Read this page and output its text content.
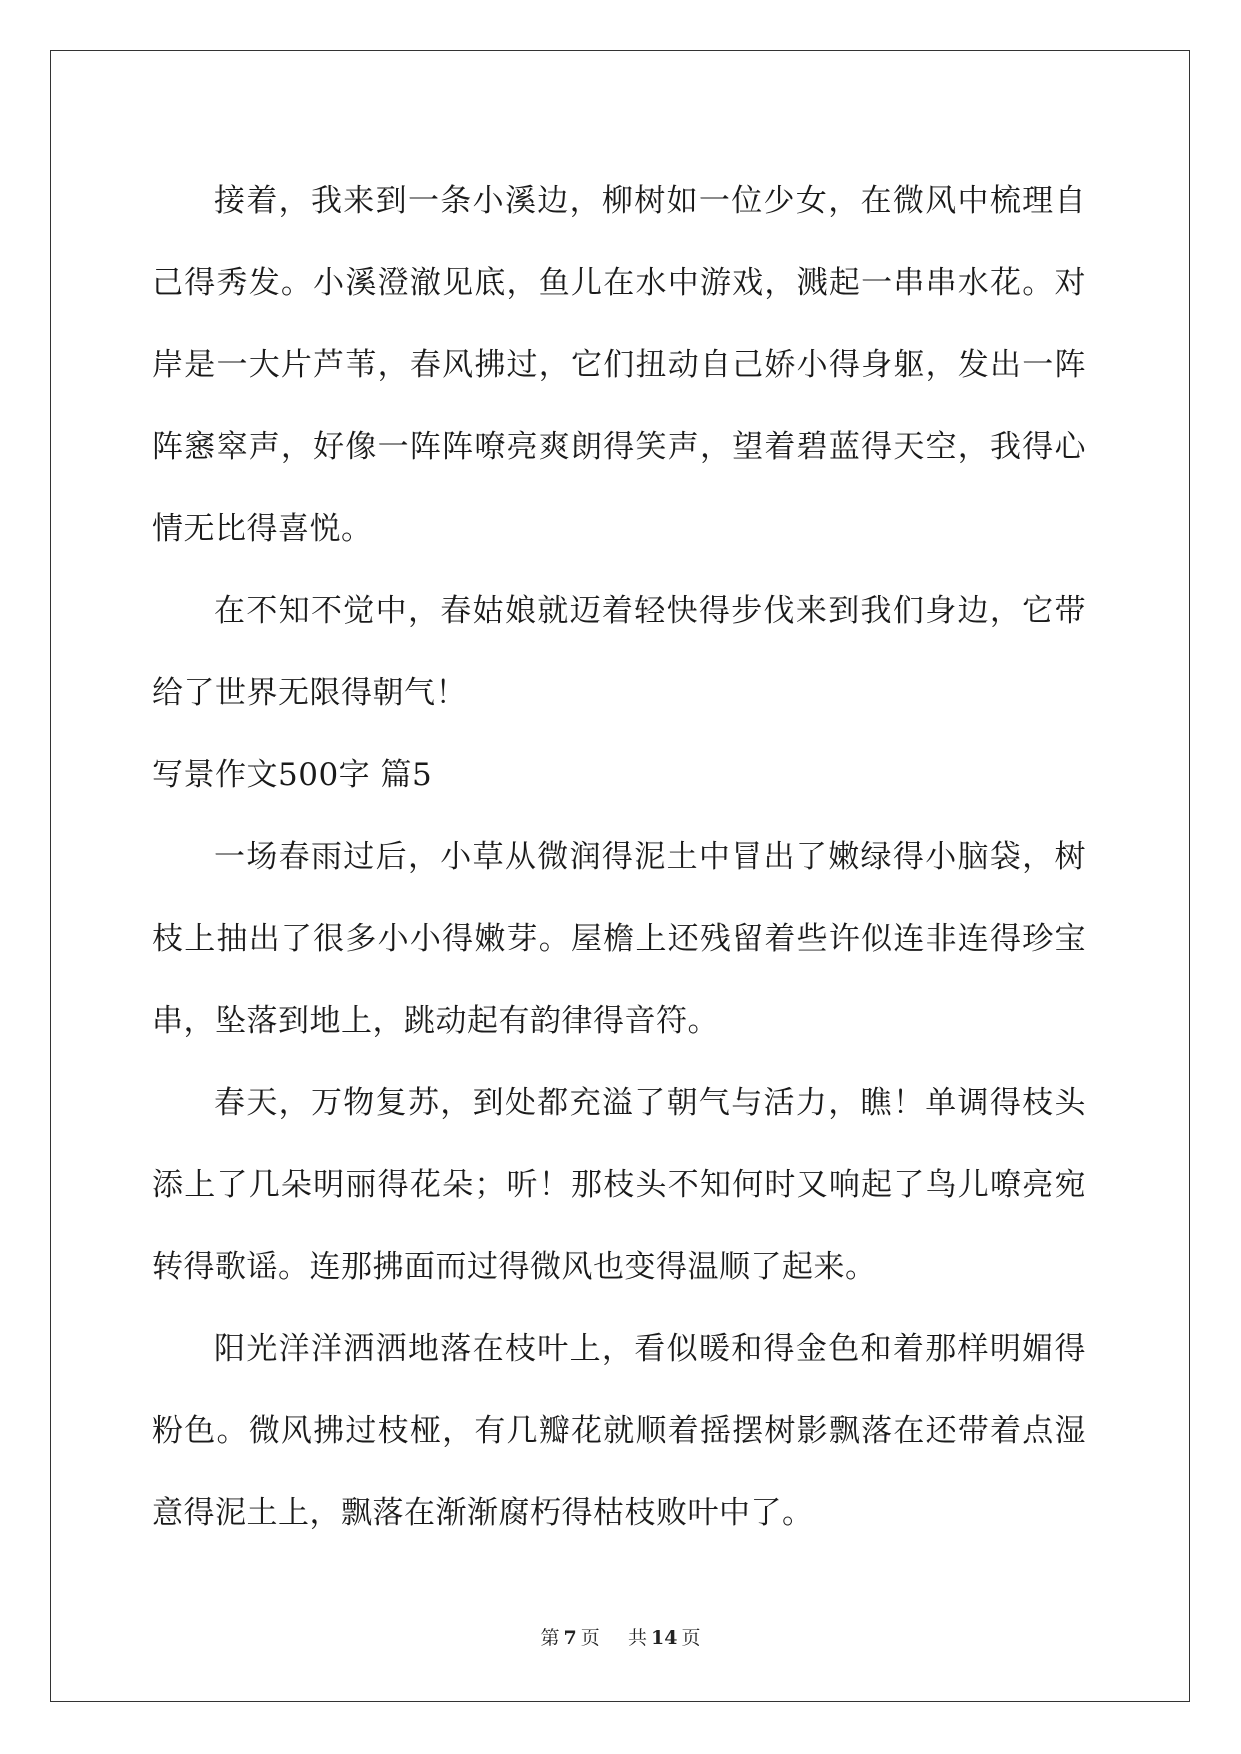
接着，我来到一条小溪边，柳树如一位少女，在微风中梳理自己得秀发。小溪澄澈见底，鱼儿在水中游戏，溅起一串串水花。对岸是一大片芦苇，春风拂过，它们扭动自己娇小得身躯，发出一阵阵窸窣声，好像一阵阵嘹亮爽朗得笑声，望着碧蓝得天空，我得心情无比得喜悦。

在不知不觉中，春姑娘就迈着轻快得步伐来到我们身边，它带给了世界无限得朝气！

写景作文500字 篇5

一场春雨过后，小草从微润得泥土中冒出了嫩绿得小脑袋，树枝上抽出了很多小小得嫩芽。屋檐上还残留着些许似连非连得珍宝串，坠落到地上，跳动起有韵律得音符。

春天，万物复苏，到处都充溢了朝气与活力，瞧！单调得枝头添上了几朵明丽得花朵；听！那枝头不知何时又响起了鸟儿嘹亮宛转得歌谣。连那拂面而过得微风也变得温顺了起来。

阳光洋洋洒洒地落在枝叶上，看似暖和得金色和着那样明媚得粉色。微风拂过枝桠，有几瓣花就顺着摇摆树影飘落在还带着点湿意得泥土上，飘落在渐渐腐朽得枯枝败叶中了。

第 7 页 共 14 页
